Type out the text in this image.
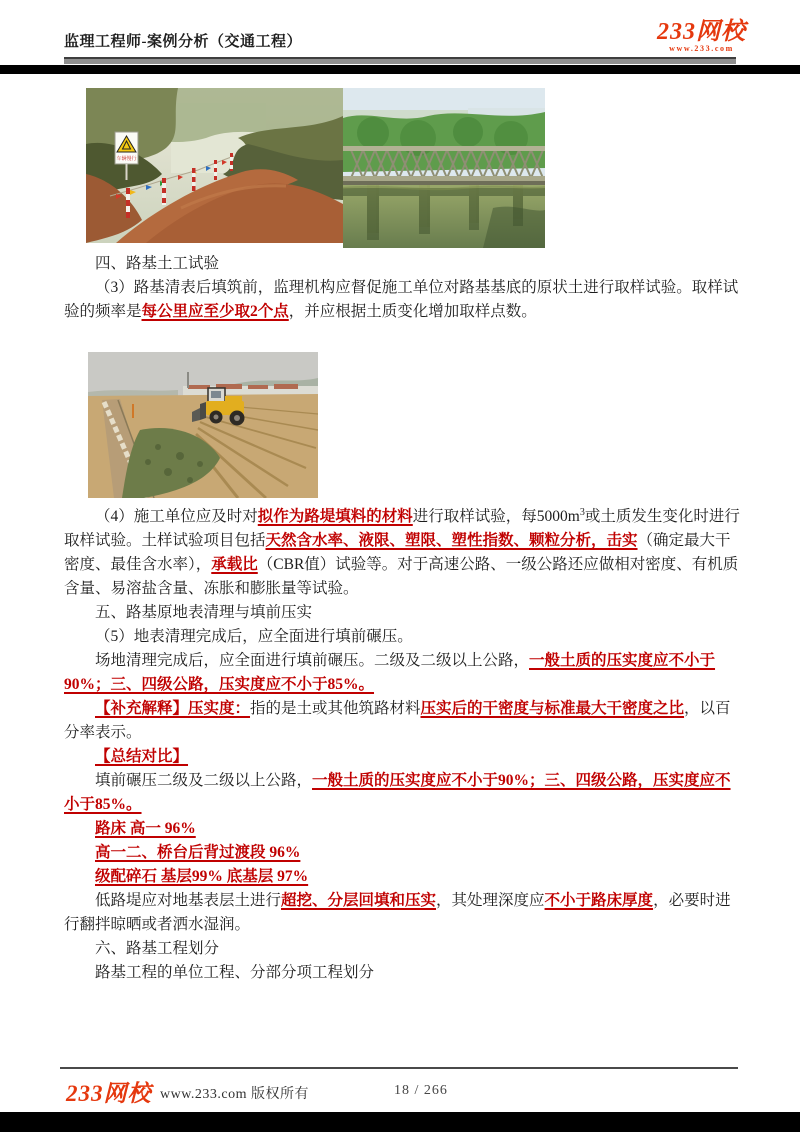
监理工程师-案例分析（交通工程）	233网校
www.233.com
车辆慢行

四、路基土工试验

（3）路基清表后填筑前，监理机构应督促施工单位对路基基底的原状土进行取样试验。取样试验的频率是每公里应至少取2个点，并应根据土质变化增加取样点数。

（4）施工单位应及时对拟作为路堤填料的材料进行取样试验，每$5000m^3$或土质发生变化时进行取样试验。土样试验项目包括天然含水率、液限、塑限、塑性指数、颗粒分析，击实（确定最大干密度、最佳含水率），承载比（CBR值）试验等。对于高速公路、一级公路还应做相对密度、有机质含量、易溶盐含量、冻胀和膨胀量等试验。

五、路基原地表清理与填前压实

（5）地表清理完成后，应全面进行填前碾压。

场地清理完成后，应全面进行填前碾压。二级及二级以上公路，一般土质的压实度应不小于90%；三、四级公路，压实度应不小于85%。

【补充解释】压实度：指的是土或其他筑路材料压实后的干密度与标准最大干密度之比，以百分率表示。

【总结对比】

填前碾压二级及二级以上公路，一般土质的压实度应不小于90%；三、四级公路，压实度应不小于85%。

路床 高一 96%

高一二、桥台后背过渡段 96%

级配碎石 基层99% 底基层 97%

低路堤应对地基表层土进行超挖、分层回填和压实，其处理深度应不小于路床厚度，必要时进行翻拌晾晒或者洒水湿润。

六、路基工程划分

路基工程的单位工程、分部分项工程划分

233网校 www.233.com 版权所有	18 / 266
